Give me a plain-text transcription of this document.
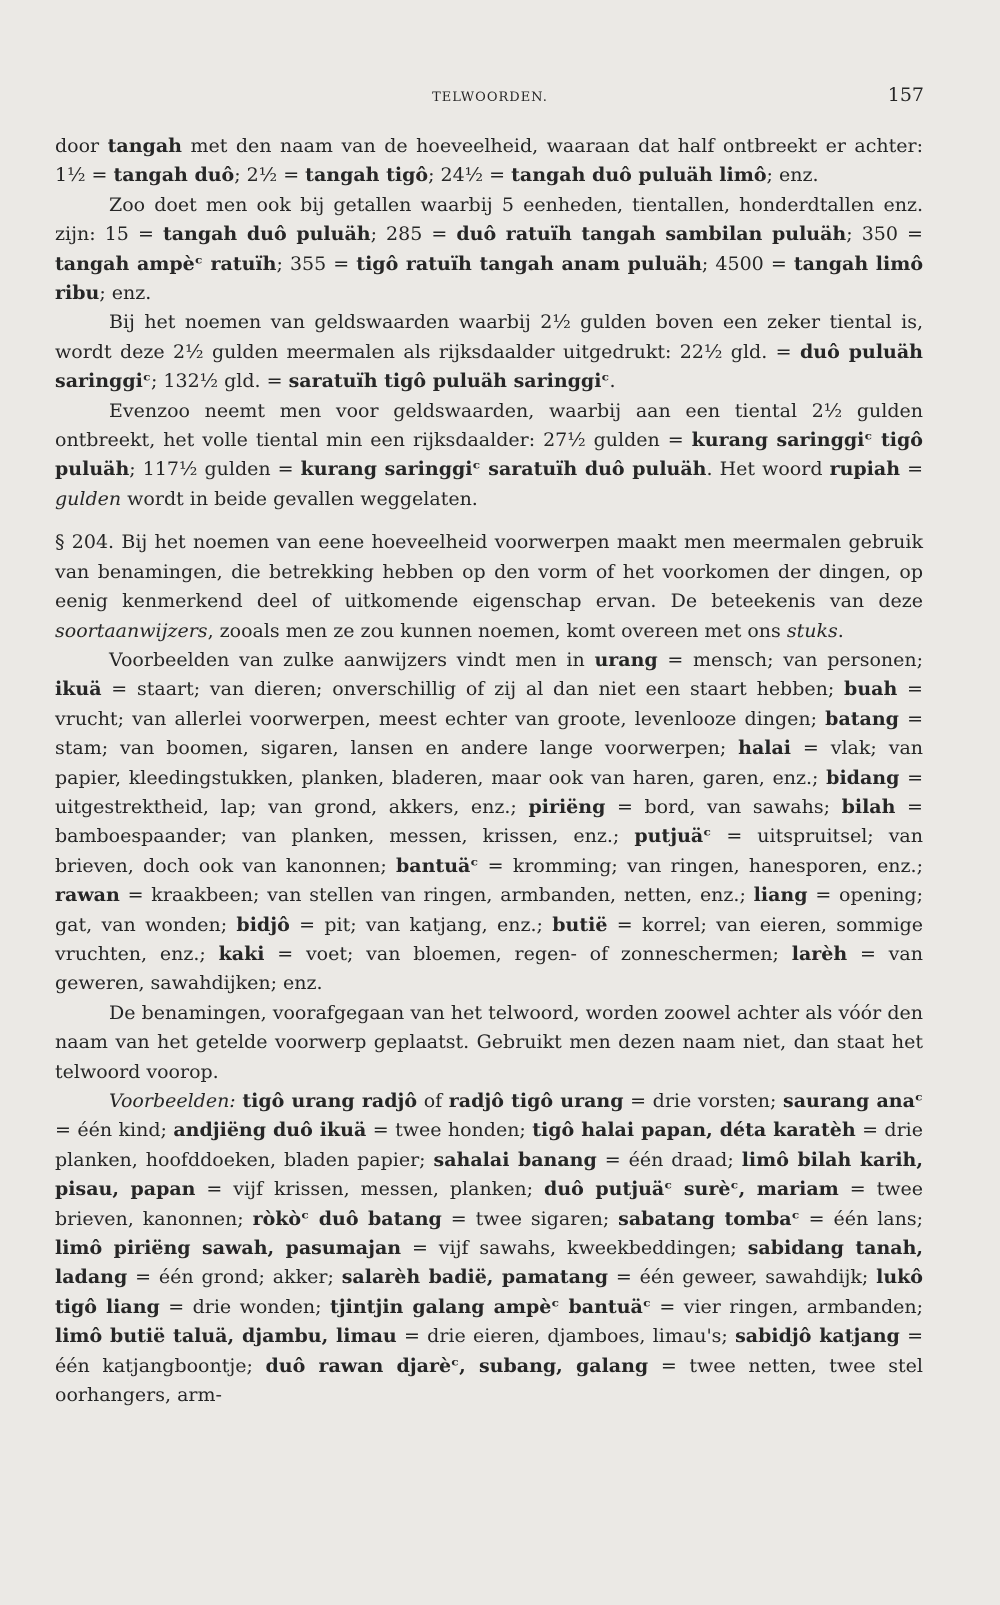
TELWOORDEN.	157

door tangah met den naam van de hoeveelheid, waaraan dat half ontbreekt er achter: 1½ = tangah duô; 2½ = tangah tigô; 24½ = tangah duô puluäh limô; enz.

Zoo doet men ook bij getallen waarbij 5 eenheden, tientallen, honderdtallen enz. zijn: 15 = tangah duô puluäh; 285 = duô ratuïh tangah sambilan puluäh; 350 = tangah ampèᶜ ratuïh; 355 = tigô ratuïh tangah anam puluäh; 4500 = tangah limô ribu; enz.

Bij het noemen van geldswaarden waarbij 2½ gulden boven een zeker tiental is, wordt deze 2½ gulden meermalen als rijksdaalder uitgedrukt: 22½ gld. = duô puluäh saringgiᶜ; 132½ gld. = saratuïh tigô puluäh saringgiᶜ.

Evenzoo neemt men voor geldswaarden, waarbij aan een tiental 2½ gulden ontbreekt, het volle tiental min een rijksdaalder: 27½ gulden = kurang saringgiᶜ tigô puluäh; 117½ gulden = kurang saringgiᶜ saratuïh duô puluäh. Het woord rupiah = gulden wordt in beide gevallen weggelaten.

§ 204. Bij het noemen van eene hoeveelheid voorwerpen maakt men meermalen gebruik van benamingen, die betrekking hebben op den vorm of het voorkomen der dingen, op eenig kenmerkend deel of uitkomende eigenschap ervan. De beteekenis van deze soortaanwijzers, zooals men ze zou kunnen noemen, komt overeen met ons stuks.

Voorbeelden van zulke aanwijzers vindt men in urang = mensch; van personen; ikuä = staart; van dieren; onverschillig of zij al dan niet een staart hebben; buah = vrucht; van allerlei voorwerpen, meest echter van groote, levenlooze dingen; batang = stam; van boomen, sigaren, lansen en andere lange voorwerpen; halai = vlak; van papier, kleedingstukken, planken, bladeren, maar ook van haren, garen, enz.; bidang = uitgestrektheid, lap; van grond, akkers, enz.; piriëng = bord, van sawahs; bilah = bamboespaander; van planken, messen, krissen, enz.; putjuäᶜ = uitspruitsel; van brieven, doch ook van kanonnen; bantuäᶜ = kromming; van ringen, hanesporen, enz.; rawan = kraakbeen; van stellen van ringen, armbanden, netten, enz.; liang = opening; gat, van wonden; bidjô = pit; van katjang, enz.; butië = korrel; van eieren, sommige vruchten, enz.; kaki = voet; van bloemen, regen- of zonneschermen; larèh = van geweren, sawahdijken; enz.

De benamingen, voorafgegaan van het telwoord, worden zoowel achter als vóór den naam van het getelde voorwerp geplaatst. Gebruikt men dezen naam niet, dan staat het telwoord voorop.

Voorbeelden: tigô urang radjô of radjô tigô urang = drie vorsten; saurang anaᶜ = één kind; andjiëng duô ikuä = twee honden; tigô halai papan, déta karatèh = drie planken, hoofddoeken, bladen papier; sahalai banang = één draad; limô bilah karih, pisau, papan = vijf krissen, messen, planken; duô putjuäᶜ surèᶜ, mariam = twee brieven, kanonnen; ròkòᶜ duô batang = twee sigaren; sabatang tombaᶜ = één lans; limô piriëng sawah, pasumajan = vijf sawahs, kweekbeddingen; sabidang tanah, ladang = één grond; akker; salarèh badië, pamatang = één geweer, sawahdijk; lukô tigô liang = drie wonden; tjintjin galang ampèᶜ bantuäᶜ = vier ringen, armbanden; limô butië taluä, djambu, limau = drie eieren, djamboes, limau's; sabidjô katjang = één katjangboontje; duô rawan djarèᶜ, subang, galang = twee netten, twee stel oorhangers, arm-
